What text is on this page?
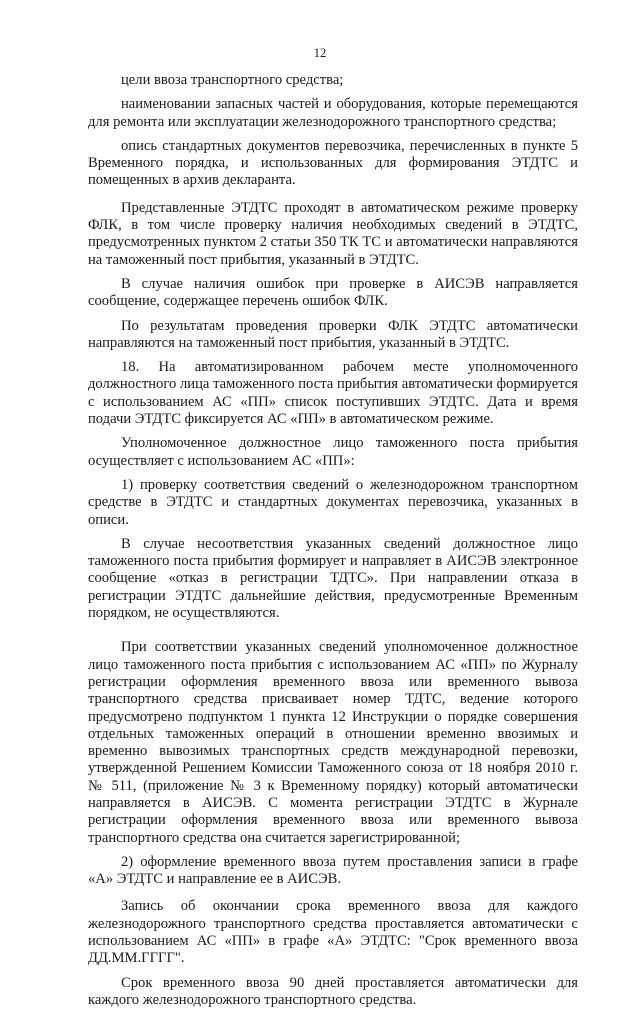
12

цели ввоза транспортного средства;

наименовании запасных частей и оборудования, которые перемещаются для ремонта или эксплуатации железнодорожного транспортного средства;

опись стандартных документов перевозчика, перечисленных в пункте 5 Временного порядка, и использованных для формирования ЭТДТС и помещенных в архив декларанта.

Представленные ЭТДТС проходят в автоматическом режиме проверку ФЛК, в том числе проверку наличия необходимых сведений в ЭТДТС, предусмотренных пунктом 2 статьи 350 ТК ТС и автоматически направляются на таможенный пост прибытия, указанный в ЭТДТС.

В случае наличия ошибок при проверке в АИСЭВ направляется сообщение, содержащее перечень ошибок ФЛК.

По результатам проведения проверки ФЛК ЭТДТС автоматически направляются на таможенный пост прибытия, указанный в ЭТДТС.

18. На автоматизированном рабочем месте уполномоченного должностного лица таможенного поста прибытия автоматически формируется с использованием АС «ПП» список поступивших ЭТДТС. Дата и время подачи ЭТДТС фиксируется АС «ПП» в автоматическом режиме.

Уполномоченное должностное лицо таможенного поста прибытия осуществляет с использованием АС «ПП»:

1) проверку соответствия сведений о железнодорожном транспортном средстве в ЭТДТС и стандартных документах перевозчика, указанных в описи.

В случае несоответствия указанных сведений должностное лицо таможенного поста прибытия формирует и направляет в АИСЭВ электронное сообщение «отказ в регистрации ТДТС». При направлении отказа в регистрации ЭТДТС дальнейшие действия, предусмотренные Временным порядком, не осуществляются.

При соответствии указанных сведений уполномоченное должностное лицо таможенного поста прибытия с использованием АС «ПП» по Журналу регистрации оформления временного ввоза или временного вывоза транспортного средства присваивает номер ТДТС, ведение которого предусмотрено подпунктом 1 пункта 12 Инструкции о порядке совершения отдельных таможенных операций в отношении временно ввозимых и временно вывозимых транспортных средств международной перевозки, утвержденной Решением Комиссии Таможенного союза от 18 ноября 2010 г. № 511, (приложение № 3 к Временному порядку) который автоматически направляется в АИСЭВ. С момента регистрации ЭТДТС в Журнале регистрации оформления временного ввоза или временного вывоза транспортного средства она считается зарегистрированной;

2) оформление временного ввоза путем проставления записи в графе «А» ЭТДТС и направление ее в АИСЭВ.

Запись об окончании срока временного ввоза для каждого железнодорожного транспортного средства проставляется автоматически с использованием АС «ПП» в графе «А» ЭТДТС: "Срок временного ввоза ДД.ММ.ГГГГ".

Срок временного ввоза 90 дней проставляется автоматически для каждого железнодорожного транспортного средства.
